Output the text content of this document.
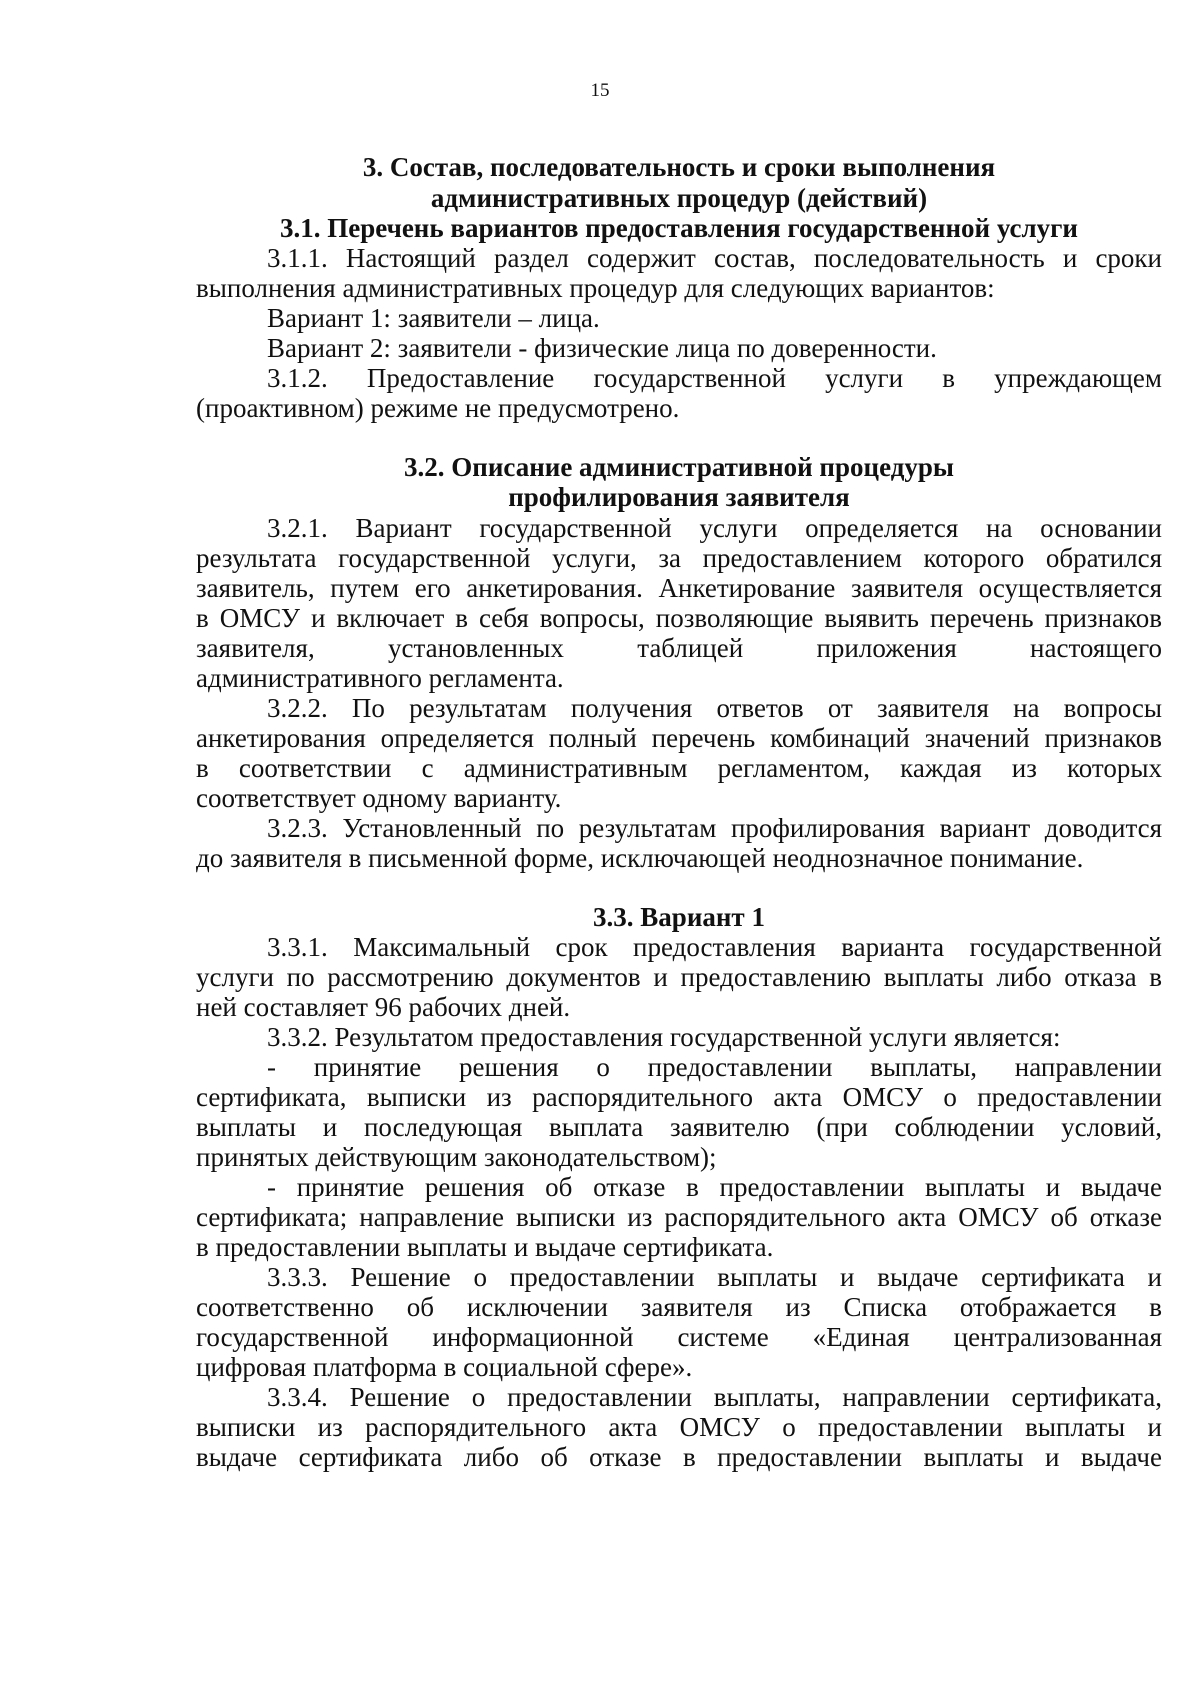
15
3. Состав, последовательность и сроки выполнения
административных процедур (действий)
3.1. Перечень вариантов предоставления государственной услуги
3.1.1. Настоящий раздел содержит состав, последовательность и сроки
выполнения административных процедур для следующих вариантов:
Вариант 1: заявители – лица.
Вариант 2: заявители - физические лица по доверенности.
3.1.2. Предоставление государственной услуги в упреждающем
(проактивном) режиме не предусмотрено.
3.2. Описание административной процедуры
профилирования заявителя
3.2.1. Вариант государственной услуги определяется на основании
результата государственной услуги, за предоставлением которого обратился
заявитель, путем его анкетирования. Анкетирование заявителя осуществляется
в ОМСУ и включает в себя вопросы, позволяющие выявить перечень признаков
заявителя, установленных таблицей приложения настоящего
административного регламента.
3.2.2. По результатам получения ответов от заявителя на вопросы
анкетирования определяется полный перечень комбинаций значений признаков
в соответствии с административным регламентом, каждая из которых
соответствует одному варианту.
3.2.3. Установленный по результатам профилирования вариант доводится
до заявителя в письменной форме, исключающей неоднозначное понимание.
3.3. Вариант 1
3.3.1. Максимальный срок предоставления варианта государственной
услуги по рассмотрению документов и предоставлению выплаты либо отказа в
ней составляет 96 рабочих дней.
3.3.2. Результатом предоставления государственной услуги является:
- принятие решения о предоставлении выплаты, направлении
сертификата, выписки из распорядительного акта ОМСУ о предоставлении
выплаты и последующая выплата заявителю (при соблюдении условий,
принятых действующим законодательством);
- принятие решения об отказе в предоставлении выплаты и выдаче
сертификата; направление выписки из распорядительного акта ОМСУ об отказе
в предоставлении выплаты и выдаче сертификата.
3.3.3. Решение о предоставлении выплаты и выдаче сертификата и
соответственно об исключении заявителя из Списка отображается в
государственной информационной системе «Единая централизованная
цифровая платформа в социальной сфере».
3.3.4. Решение о предоставлении выплаты, направлении сертификата,
выписки из распорядительного акта ОМСУ о предоставлении выплаты и
выдаче сертификата либо об отказе в предоставлении выплаты и выдаче
